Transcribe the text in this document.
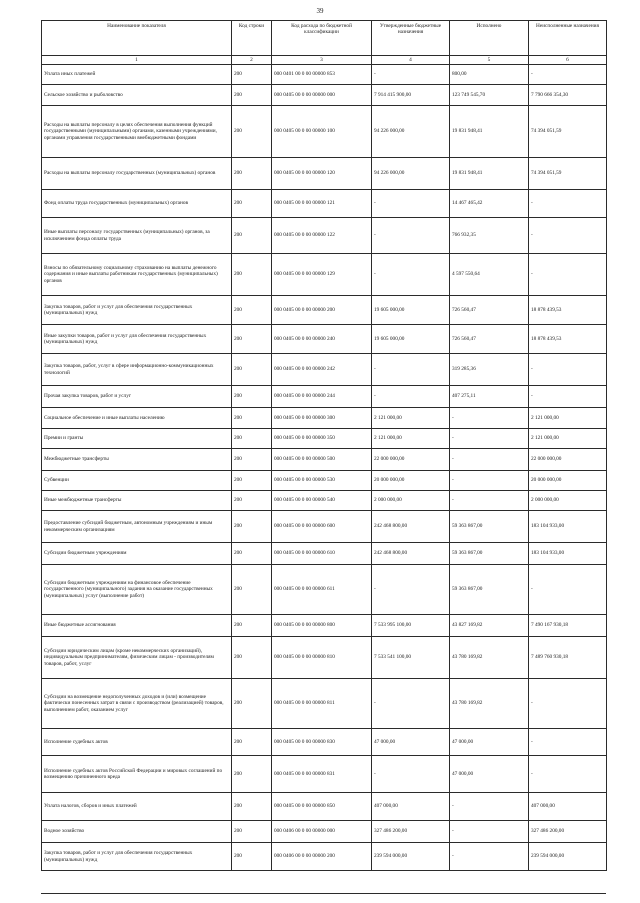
39
Наименование показателя	Код строки	Код расхода по бюджетной классификации	Утвержденные бюджетные назначения	Исполнено	Неисполненные назначения
1	2	3	4	5	6
Уплата иных платежей	200	000 0401 00 0 00 00000 853	-	800,00	-
Сельское хозяйство и рыболовство	200	000 0405 00 0 00 00000 000	7 914 415 900,00	123 749 545,70	7 790 666 354,30
Расходы на выплаты персоналу в целях обеспечения выполнения функций государственными (муниципальными) органами, казенными учреждениями, органами управления государственными внебюджетными фондами	200	000 0405 00 0 00 00000 100	94 226 000,00	19 831 948,41	74 394 051,59
Расходы на выплаты персоналу государственных (муниципальных) органов	200	000 0405 00 0 00 00000 120	94 226 000,00	19 831 948,41	74 394 051,59
Фонд оплаты труда государственных (муниципальных) органов	200	000 0405 00 0 00 00000 121	-	14 467 465,42	-
Иные выплаты персоналу государственных (муниципальных) органов, за исключением фонда оплаты труда	200	000 0405 00 0 00 00000 122	-	766 932,35	-
Взносы по обязательному социальному страхованию на выплаты денежного содержания и иные выплаты работникам государственных (муниципальных) органов	200	000 0405 00 0 00 00000 129	-	4 597 550,64	-
Закупка товаров, работ и услуг для обеспечения государственных (муниципальных) нужд	200	000 0405 00 0 00 00000 200	19 605 000,00	726 560,47	18 878 439,53
Иные закупки товаров, работ и услуг для обеспечения государственных (муниципальных) нужд	200	000 0405 00 0 00 00000 240	19 605 000,00	726 560,47	18 878 439,53
Закупка товаров, работ, услуг в сфере информационно-коммуникационных технологий	200	000 0405 00 0 00 00000 242	-	319 285,36	-
Прочая закупка товаров, работ и услуг	200	000 0405 00 0 00 00000 244	-	407 275,11	-
Социальное обеспечение и иные выплаты населению	200	000 0405 00 0 00 00000 300	2 121 000,00	-	2 121 000,00
Премии и гранты	200	000 0405 00 0 00 00000 350	2 121 000,00	-	2 121 000,00
Межбюджетные трансферты	200	000 0405 00 0 00 00000 500	22 000 000,00	-	22 000 000,00
Субвенции	200	000 0405 00 0 00 00000 530	20 000 000,00	-	20 000 000,00
Иные межбюджетные трансферты	200	000 0405 00 0 00 00000 540	2 000 000,00	-	2 000 000,00
Предоставление субсидий бюджетным, автономным учреждениям и иным некоммерческим организациям	200	000 0405 00 0 00 00000 600	242 468 800,00	59 363 867,00	183 104 933,00
Субсидии бюджетным учреждениям	200	000 0405 00 0 00 00000 610	242 468 800,00	59 363 867,00	183 104 933,00
Субсидии бюджетным учреждениям на финансовое обеспечение государственного (муниципального) задания на оказание государственных (муниципальных) услуг (выполнение работ)	200	000 0405 00 0 00 00000 611	-	59 363 867,00	-
Иные бюджетные ассигнования	200	000 0405 00 0 00 00000 800	7 533 995 100,00	43 827 169,82	7 490 167 930,18
Субсидии юридическим лицам (кроме некоммерческих организаций), индивидуальным предпринимателям, физическим лицам - производителям товаров, работ, услуг	200	000 0405 00 0 00 00000 810	7 533 541 100,00	43 780 169,82	7 489 760 930,18
Субсидии на возмещение недополученных доходов и (или) возмещение фактически понесенных затрат в связи с производством (реализацией) товаров, выполнением работ, оказанием услуг	200	000 0405 00 0 00 00000 811	-	43 780 169,82	-
Исполнение судебных актов	200	000 0405 00 0 00 00000 830	47 000,00	47 000,00	-
Исполнение судебных актов Российской Федерации и мировых соглашений по возмещению причиненного вреда	200	000 0405 00 0 00 00000 831	-	47 000,00	-
Уплата налогов, сборов и иных платежей	200	000 0405 00 0 00 00000 850	407 000,00	-	407 000,00
Водное хозяйство	200	000 0406 00 0 00 00000 000	327 486 200,00	-	327 486 200,00
Закупка товаров, работ и услуг для обеспечения государственных (муниципальных) нужд	200	000 0406 00 0 00 00000 200	239 594 000,00	-	239 594 000,00
